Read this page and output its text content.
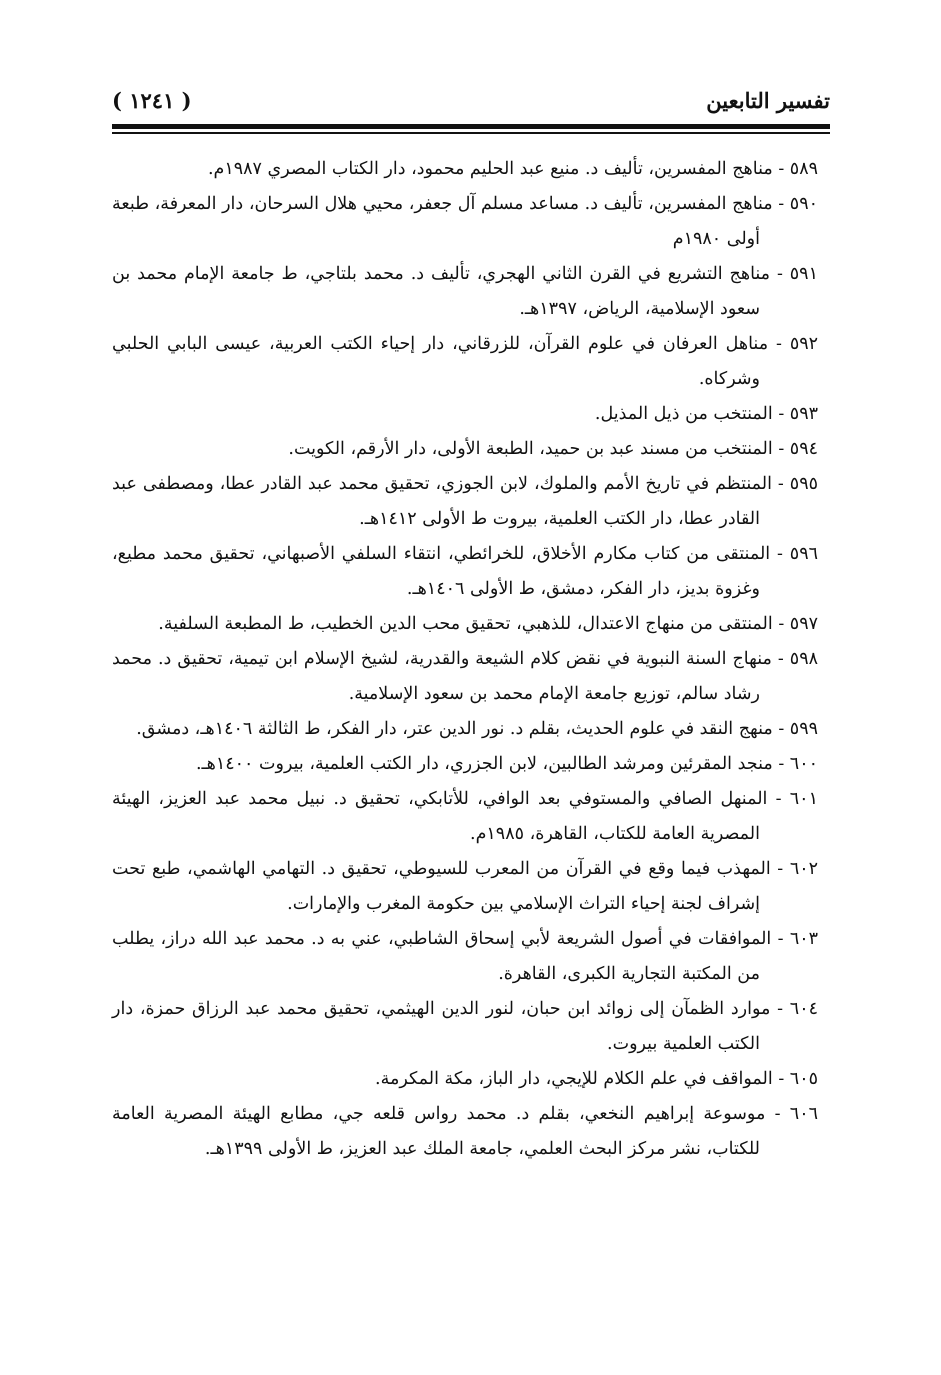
تفسير التابعين
( ١٢٤١ )

٥٨٩ - مناهج المفسرين، تأليف د. منيع عبد الحليم محمود، دار الكتاب المصري ١٩٨٧م.

٥٩٠ - مناهج المفسرين، تأليف د. مساعد مسلم آل جعفر، محيي هلال السرحان، دار المعرفة، طبعة أولى ١٩٨٠م

٥٩١ - مناهج التشريع في القرن الثاني الهجري، تأليف د. محمد بلتاجي، ط جامعة الإمام محمد بن سعود الإسلامية، الرياض، ١٣٩٧هـ.

٥٩٢ - مناهل العرفان في علوم القرآن، للزرقاني، دار إحياء الكتب العربية، عيسى البابي الحلبي وشركاه.

٥٩٣ - المنتخب من ذيل المذيل.

٥٩٤ - المنتخب من مسند عبد بن حميد، الطبعة الأولى، دار الأرقم، الكويت.

٥٩٥ - المنتظم في تاريخ الأمم والملوك، لابن الجوزي، تحقيق محمد عبد القادر عطا، ومصطفى عبد القادر عطا، دار الكتب العلمية، بيروت ط الأولى ١٤١٢هـ.

٥٩٦ - المنتقى من كتاب مكارم الأخلاق، للخرائطي، انتقاء السلفي الأصبهاني، تحقيق محمد مطيع، وغزوة بديز، دار الفكر، دمشق، ط الأولى ١٤٠٦هـ.

٥٩٧ - المنتقى من منهاج الاعتدال، للذهبي، تحقيق محب الدين الخطيب، ط المطبعة السلفية.

٥٩٨ - منهاج السنة النبوية في نقض كلام الشيعة والقدرية، لشيخ الإسلام ابن تيمية، تحقيق د. محمد رشاد سالم، توزيع جامعة الإمام محمد بن سعود الإسلامية.

٥٩٩ - منهج النقد في علوم الحديث، بقلم د. نور الدين عتر، دار الفكر، ط الثالثة ١٤٠٦هـ، دمشق.

٦٠٠ - منجد المقرئين ومرشد الطالبين، لابن الجزري، دار الكتب العلمية، بيروت ١٤٠٠هـ.

٦٠١ - المنهل الصافي والمستوفي بعد الوافي، للأتابكي، تحقيق د. نبيل محمد عبد العزيز، الهيئة المصرية العامة للكتاب، القاهرة، ١٩٨٥م.

٦٠٢ - المهذب فيما وقع في القرآن من المعرب للسيوطي، تحقيق د. التهامي الهاشمي، طبع تحت إشراف لجنة إحياء التراث الإسلامي بين حكومة المغرب والإمارات.

٦٠٣ - الموافقات في أصول الشريعة لأبي إسحاق الشاطبي، عني به د. محمد عبد الله دراز، يطلب من المكتبة التجارية الكبرى، القاهرة.

٦٠٤ - موارد الظمآن إلى زوائد ابن حبان، لنور الدين الهيثمي، تحقيق محمد عبد الرزاق حمزة، دار الكتب العلمية بيروت.

٦٠٥ - المواقف في علم الكلام للإيجي، دار الباز، مكة المكرمة.

٦٠٦ - موسوعة إبراهيم النخعي، بقلم د. محمد رواس قلعه جي، مطابع الهيئة المصرية العامة للكتاب، نشر مركز البحث العلمي، جامعة الملك عبد العزيز، ط الأولى ١٣٩٩هـ.
